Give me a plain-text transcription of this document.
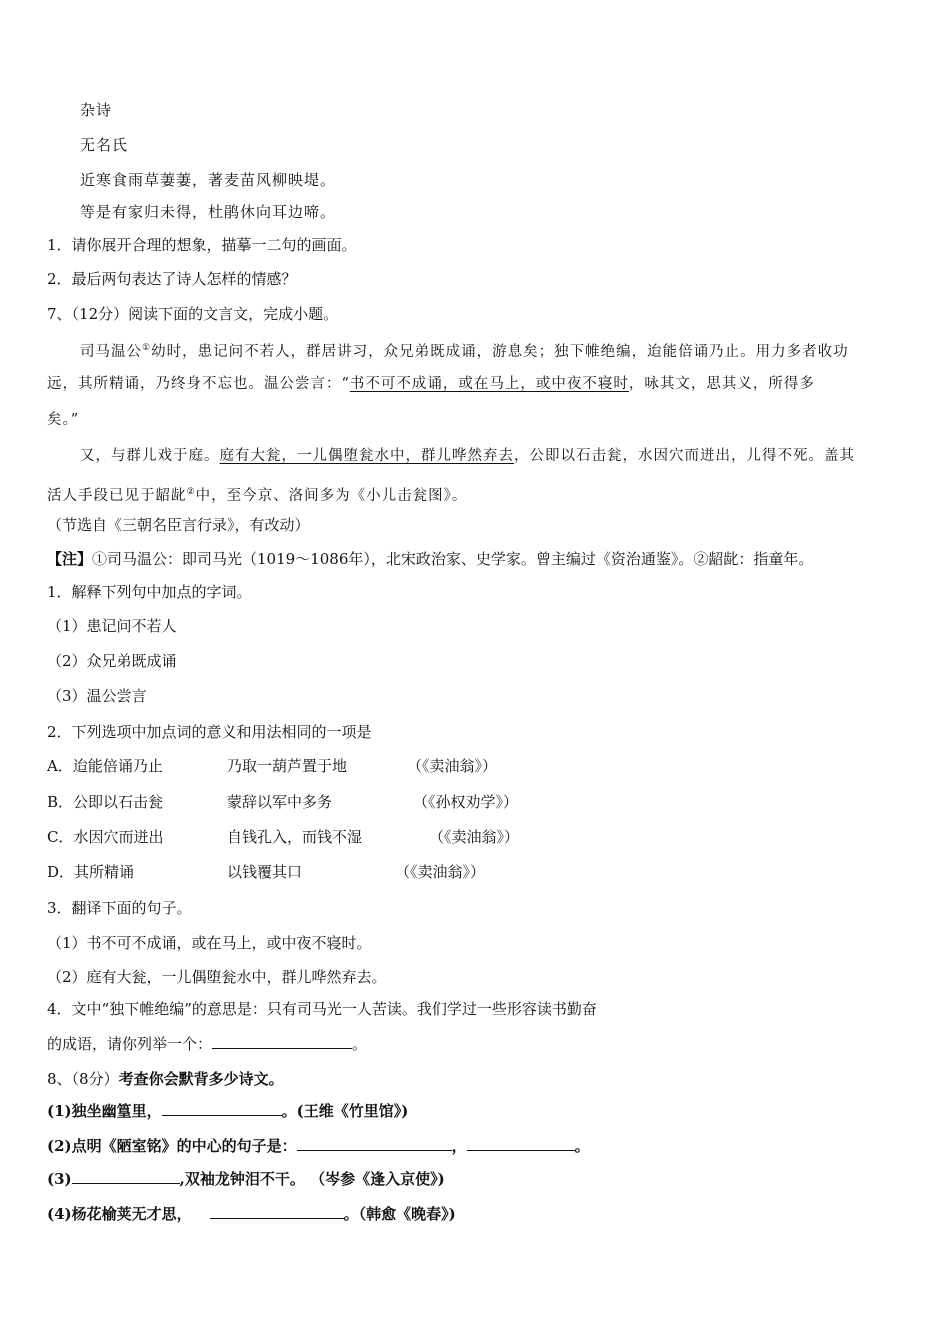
杂诗
无名氏
近寒食雨草萋萋，著麦苗风柳映堤。
等是有家归未得，杜鹃休向耳边啼。
1．请你展开合理的想象，描摹一二句的画面。
2．最后两句表达了诗人怎样的情感？
7、（12分）阅读下面的文言文，完成小题。
司马温公①幼时，患记问不若人，群居讲习，众兄弟既成诵，游息矣；独下帷绝编，迨能倍诵乃止。用力多者收功
远，其所精诵，乃终身不忘也。温公尝言：“书不可不成诵，或在马上，或中夜不寝时，咏其文，思其义，所得多
矣。”
又，与群儿戏于庭。庭有大瓮，一儿偶堕瓮水中，群儿哗然弃去，公即以石击瓮，水因穴而迸出，儿得不死。盖其
活人手段已见于龆龀②中，至今京、洛间多为《小儿击瓮图》。
（节选自《三朝名臣言行录》，有改动）
【注】①司马温公：即司马光（1019～1086年），北宋政治家、史学家。曾主编过《资治通鉴》。②龆龀：指童年。
1．解释下列句中加点的字词。
（1）患记问不若人
（2）众兄弟既成诵
（3）温公尝言
2．下列选项中加点词的意义和用法相同的一项是
A．迨能倍诵乃止	乃取一葫芦置于地	（《卖油翁》）
B．公即以石击瓮	蒙辞以军中多务	（《孙权劝学》）
C．水因穴而迸出	自钱孔入，而钱不湿	（《卖油翁》）
D．其所精诵	以钱覆其口	（《卖油翁》）
3．翻译下面的句子。
（1）书不可不成诵，或在马上，或中夜不寝时。
（2）庭有大瓮，一儿偶堕瓮水中，群儿哗然弃去。
4．文中“独下帷绝编”的意思是：只有司马光一人苦读。我们学过一些形容读书勤奋
的成语，请你列举一个：	。
8、（8分）考查你会默背多少诗文。
(1)独坐幽篁里，	。(王维《竹里馆》)
(2)点明《陋室铭》的中心的句子是：	，	。
(3)	,双袖龙钟泪不干。 （岑参《逢入京使》)
(4)杨花榆荚无才思，	。（韩愈《晚春》)
